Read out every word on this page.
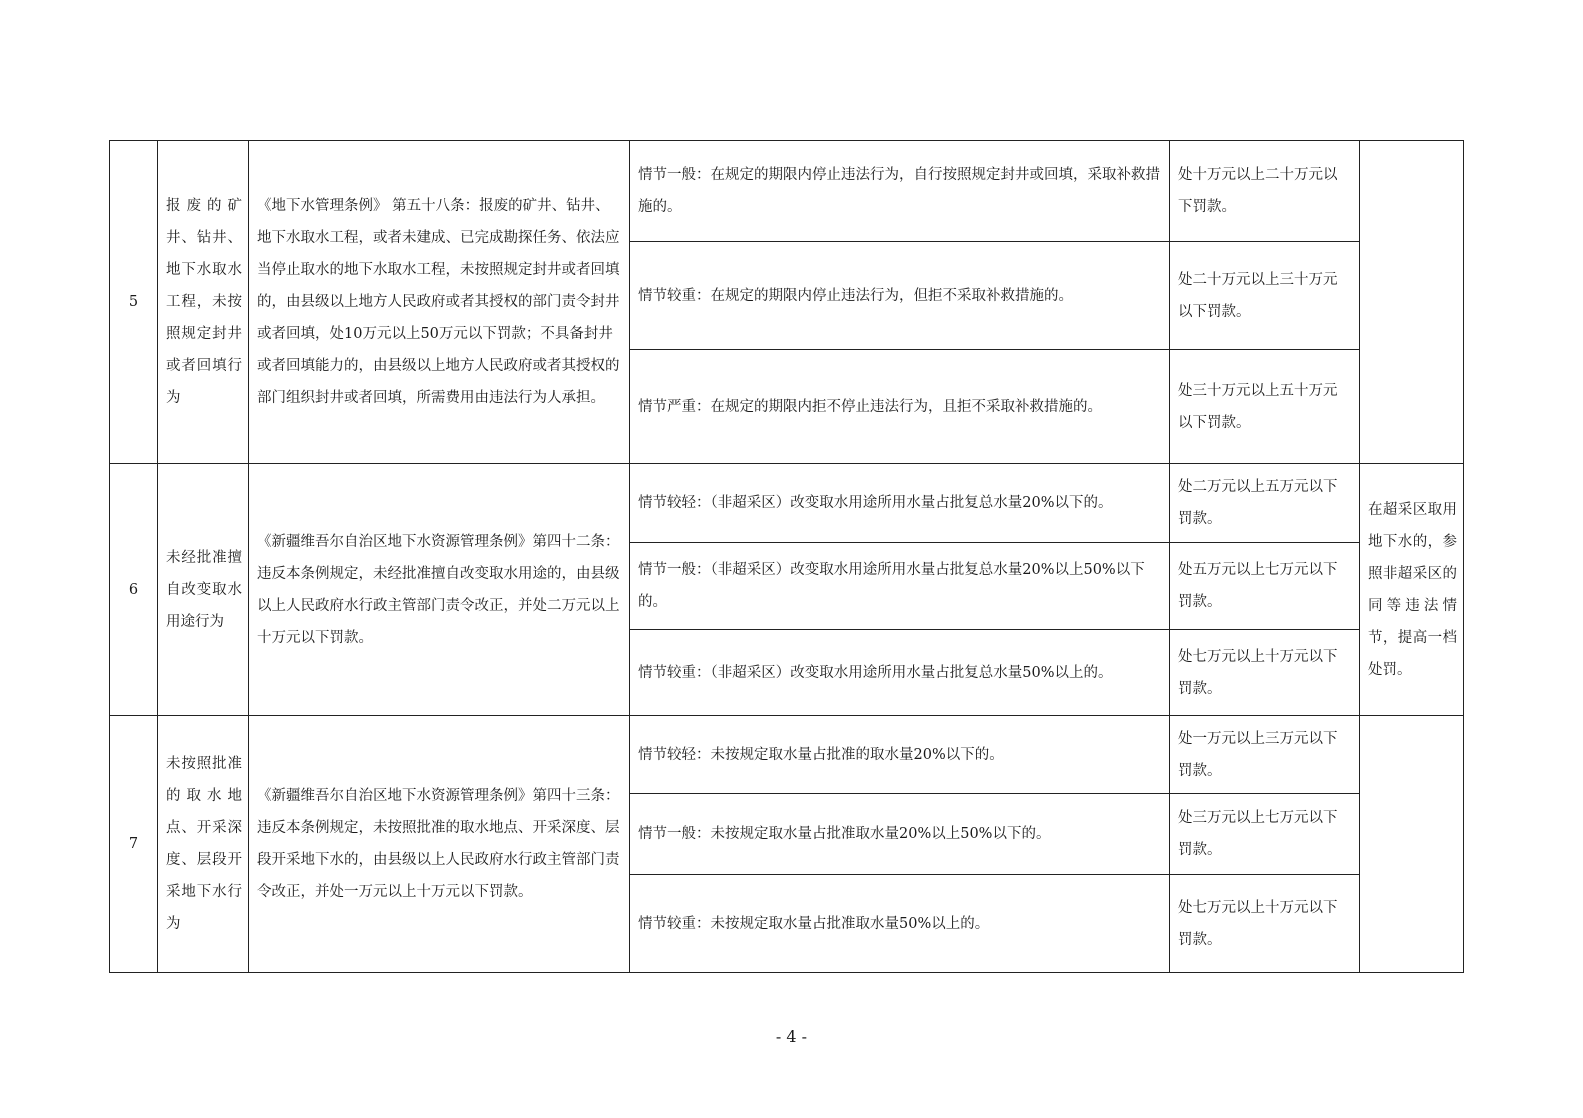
5	报废的矿井、钻井、地下水取水工程，未按照规定封井或者回填行为	《地下水管理条例》 第五十八条：报废的矿井、钻井、地下水取水工程，或者未建成、已完成勘探任务、依法应当停止取水的地下水取水工程，未按照规定封井或者回填的，由县级以上地方人民政府或者其授权的部门责令封井或者回填，处10万元以上50万元以下罚款；不具备封井或者回填能力的，由县级以上地方人民政府或者其授权的部门组织封井或者回填，所需费用由违法行为人承担。	情节一般：在规定的期限内停止违法行为，自行按照规定封井或回填，采取补救措施的。	处十万元以上二十万元以下罚款。	
			情节较重：在规定的期限内停止违法行为，但拒不采取补救措施的。	处二十万元以上三十万元以下罚款。	
			情节严重：在规定的期限内拒不停止违法行为，且拒不采取补救措施的。	处三十万元以上五十万元以下罚款。	
6	未经批准擅自改变取水用途行为	《新疆维吾尔自治区地下水资源管理条例》第四十二条：违反本条例规定，未经批准擅自改变取水用途的，由县级以上人民政府水行政主管部门责令改正，并处二万元以上十万元以下罚款。	情节较轻：（非超采区）改变取水用途所用水量占批复总水量20%以下的。	处二万元以上五万元以下罚款。	在超采区取用地下水的，参照非超采区的同等违法情节，提高一档处罚。
			情节一般：（非超采区）改变取水用途所用水量占批复总水量20%以上50%以下的。	处五万元以上七万元以下罚款。	
			情节较重：（非超采区）改变取水用途所用水量占批复总水量50%以上的。	处七万元以上十万元以下罚款。	
7	未按照批准的取水地点、开采深度、层段开采地下水行为	《新疆维吾尔自治区地下水资源管理条例》第四十三条：违反本条例规定，未按照批准的取水地点、开采深度、层段开采地下水的，由县级以上人民政府水行政主管部门责令改正，并处一万元以上十万元以下罚款。	情节较轻：未按规定取水量占批准的取水量20%以下的。	处一万元以上三万元以下罚款。	
			情节一般：未按规定取水量占批准取水量20%以上50%以下的。	处三万元以上七万元以下罚款。	
			情节较重：未按规定取水量占批准取水量50%以上的。	处七万元以上十万元以下罚款。	
- 4 -
